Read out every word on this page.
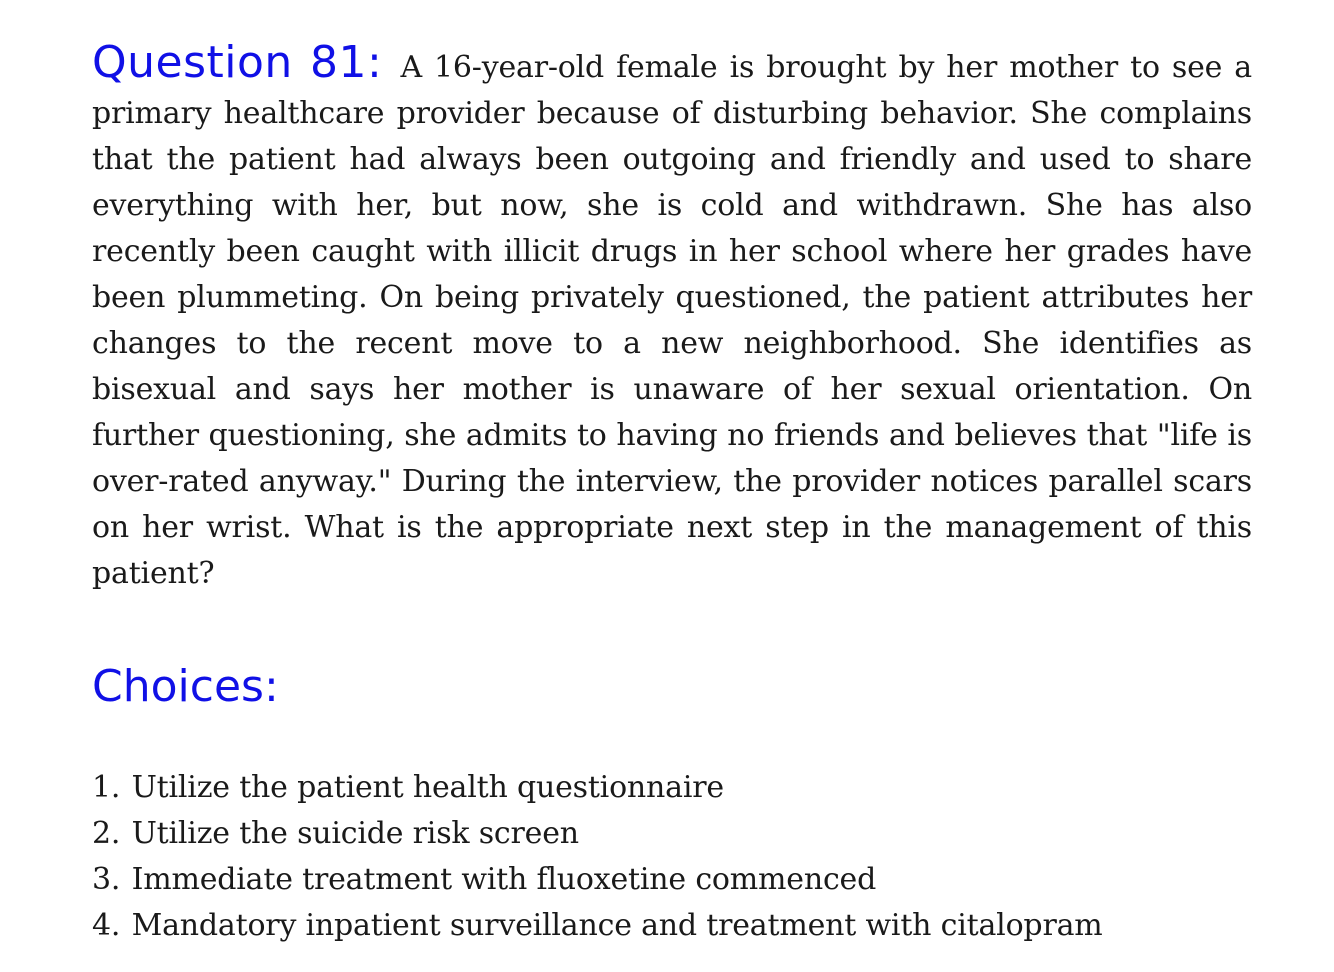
Question 81: A 16-year-old female is brought by her mother to see a primary healthcare provider because of disturbing behavior. She complains that the patient had always been outgoing and friendly and used to share everything with her, but now, she is cold and withdrawn. She has also recently been caught with illicit drugs in her school where her grades have been plummeting. On being privately questioned, the patient attributes her changes to the recent move to a new neighborhood. She identifies as bisexual and says her mother is unaware of her sexual orientation. On further questioning, she admits to having no friends and believes that "life is over-rated anyway." During the interview, the provider notices parallel scars on her wrist. What is the appropriate next step in the management of this patient?

Choices:
1. Utilize the patient health questionnaire
2. Utilize the suicide risk screen
3. Immediate treatment with fluoxetine commenced
4. Mandatory inpatient surveillance and treatment with citalopram
